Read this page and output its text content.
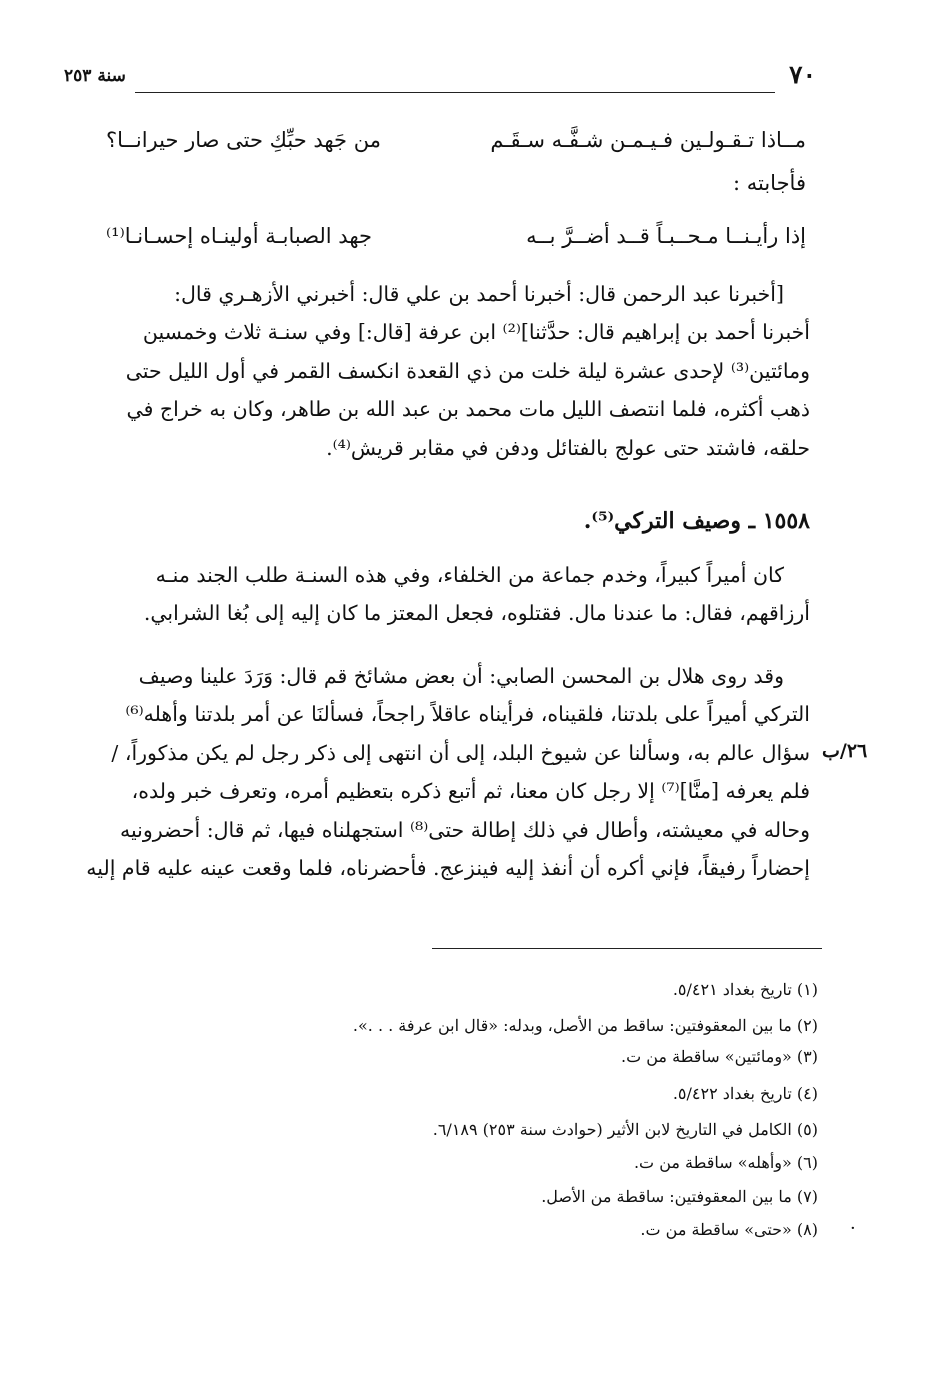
٧٠
سنة ٢٥٣
مــاذا تـقـولـين فـيـمـن شـفَّـه سـقَـم
من جَهد حبِّكِ حتى صار حيرانــا؟
فأجابته :
إذا رأيـنــا مـحــبـاً قــد أضــرَّ بــه
جهد الصبابـة أولينـاه إحسـانـا⁽¹⁾
[أخبرنا عبد الرحمن قال: أخبرنا أحمد بن علي قال: أخبرني الأزهـري قال:
أخبرنا أحمد بن إبراهيم قال: حدَّثنا]⁽²⁾ ابن عرفة [قال:] وفي سنـة ثلاث وخمسين
ومائتين⁽³⁾ لإحدى عشرة ليلة خلت من ذي القعدة انكسف القمر في أول الليل حتى
ذهب أكثره، فلما انتصف الليل مات محمد بن عبد الله بن طاهر، وكان به خراج في
حلقه، فاشتد حتى عولج بالفتائل ودفن في مقابر قريش⁽⁴⁾.
١٥٥٨ ـ وصيف التركي⁽⁵⁾.
كان أميراً كبيراً، وخدم جماعة من الخلفاء، وفي هذه السنـة طلب الجند منـه
أرزاقهم، فقال: ما عندنا مال. فقتلوه، فجعل المعتز ما كان إليه إلى بُغا الشرابي.
وقد روى هلال بن المحسن الصابي: أن بعض مشائخ قم قال: وَرَدَ علينا وصيف
التركي أميراً على بلدتنا، فلقيناه، فرأيناه عاقلاً راجحاً، فسألنَا عن أمر بلدتنا وأهله⁽⁶⁾
سؤال عالم به، وسألنا عن شيوخ البلد، إلى أن انتهى إلى ذكر رجل لم يكن مذكوراً، /
فلم يعرفه [منَّا]⁽⁷⁾ إلا رجل كان معنا، ثم أتبع ذكره بتعظيم أمره، وتعرف خبر ولده،
وحاله في معيشته، وأطال في ذلك إطالة حتى⁽⁸⁾ استجهلناه فيها، ثم قال: أحضرونيه
إحضاراً رفيقاً، فإني أكره أن أنفذ إليه فينزعج. فأحضرناه، فلما وقعت عينه عليه قام إليه
٢٦/ب
(١) تاريخ بغداد ٥/٤٢١.
(٢) ما بين المعقوفتين: ساقط من الأصل، وبدله: «قال ابن عرفة . . .».
(٣) «ومائتين» ساقطة من ت.
(٤) تاريخ بغداد ٥/٤٢٢.
(٥) الكامل في التاريخ لابن الأثير (حوادث سنة ٢٥٣) ٦/١٨٩.
(٦) «وأهله» ساقطة من ت.
(٧) ما بين المعقوفتين: ساقطة من الأصل.
(٨) «حتى» ساقطة من ت. ·
